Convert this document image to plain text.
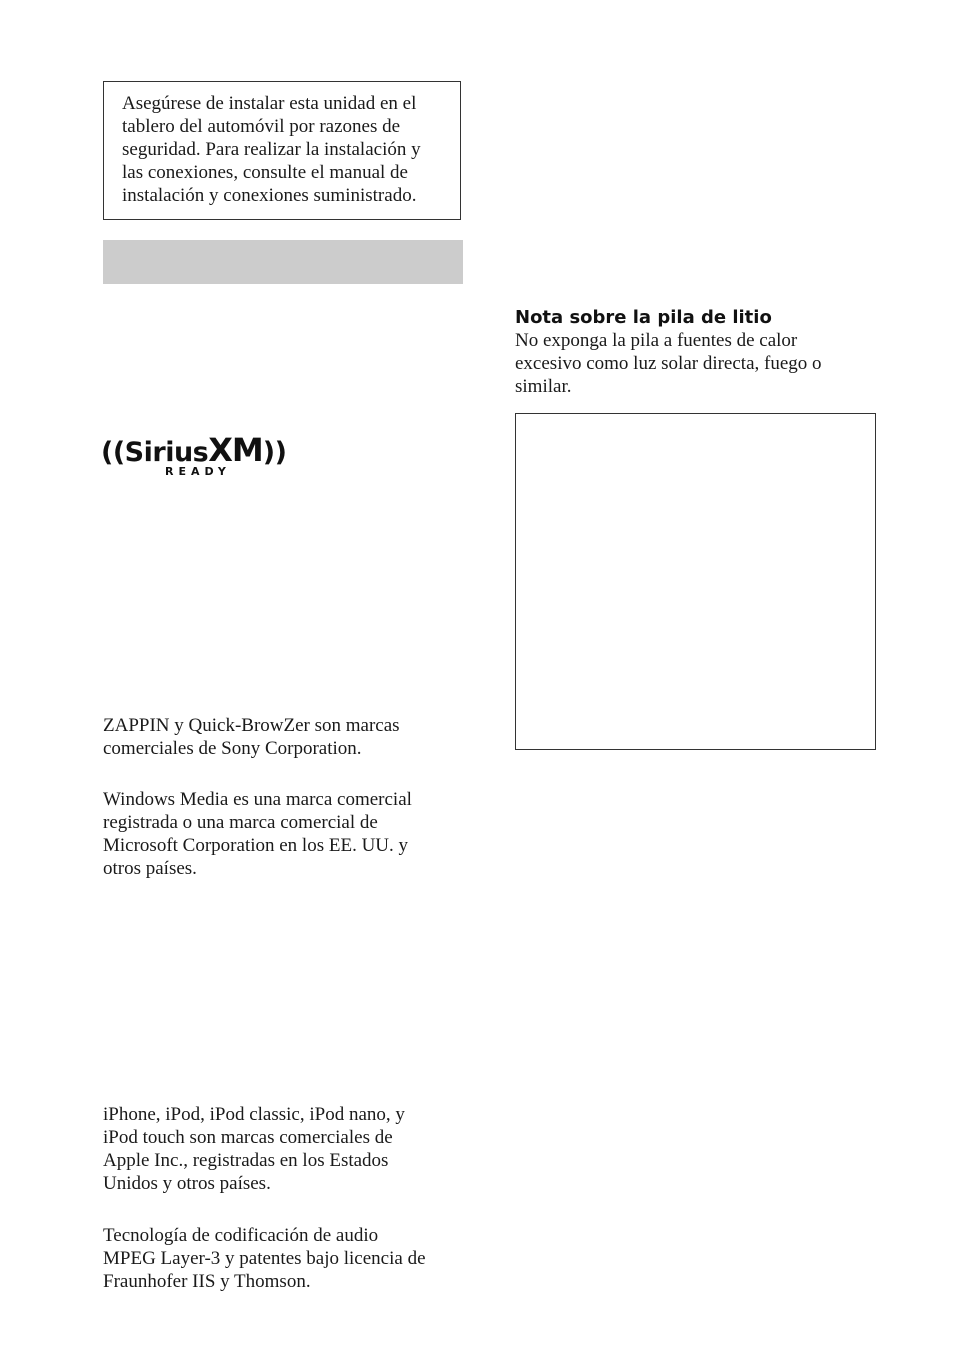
Asegúrese de instalar esta unidad en el
tablero del automóvil por razones de
seguridad. Para realizar la instalación y
las conexiones, consulte el manual de
instalación y conexiones suministrado.

((SiriusXM))
READY

ZAPPIN y Quick-BrowZer son marcas
comerciales de Sony Corporation.

Windows Media es una marca comercial
registrada o una marca comercial de
Microsoft Corporation en los EE. UU. y
otros países.

iPhone, iPod, iPod classic, iPod nano, y
iPod touch son marcas comerciales de
Apple Inc., registradas en los Estados
Unidos y otros países.

Tecnología de codificación de audio
MPEG Layer-3 y patentes bajo licencia de
Fraunhofer IIS y Thomson.

Nota sobre la pila de litio

No exponga la pila a fuentes de calor
excesivo como luz solar directa, fuego o
similar.
